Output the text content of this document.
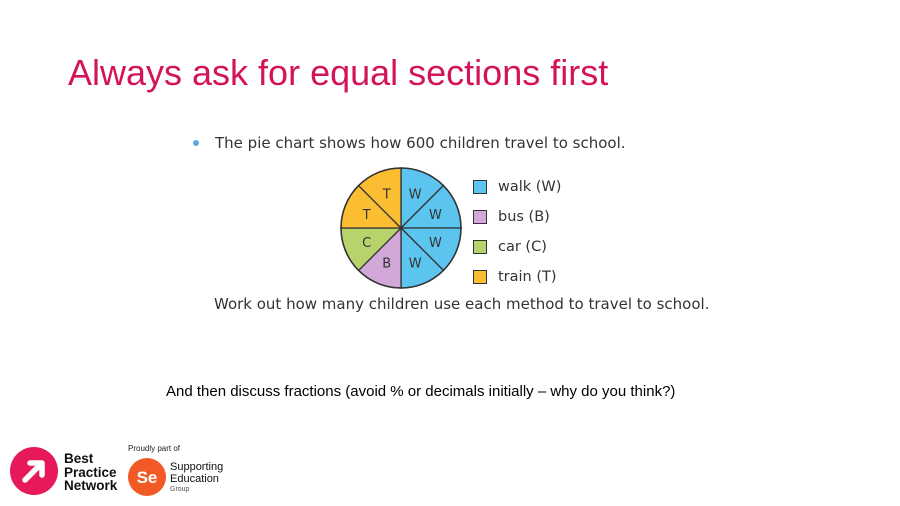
Always ask for equal sections first
The pie chart shows how 600 children travel to school.
W
W
W
W
B
C
T
T
walk (W)
bus (B)
car (C)
train (T)
Work out how many children use each method to travel to school.
And then discuss fractions (avoid % or decimals initially – why do you think?)
Best
Practice
Network
Proudly part of
Se
Supporting
Education
Group
